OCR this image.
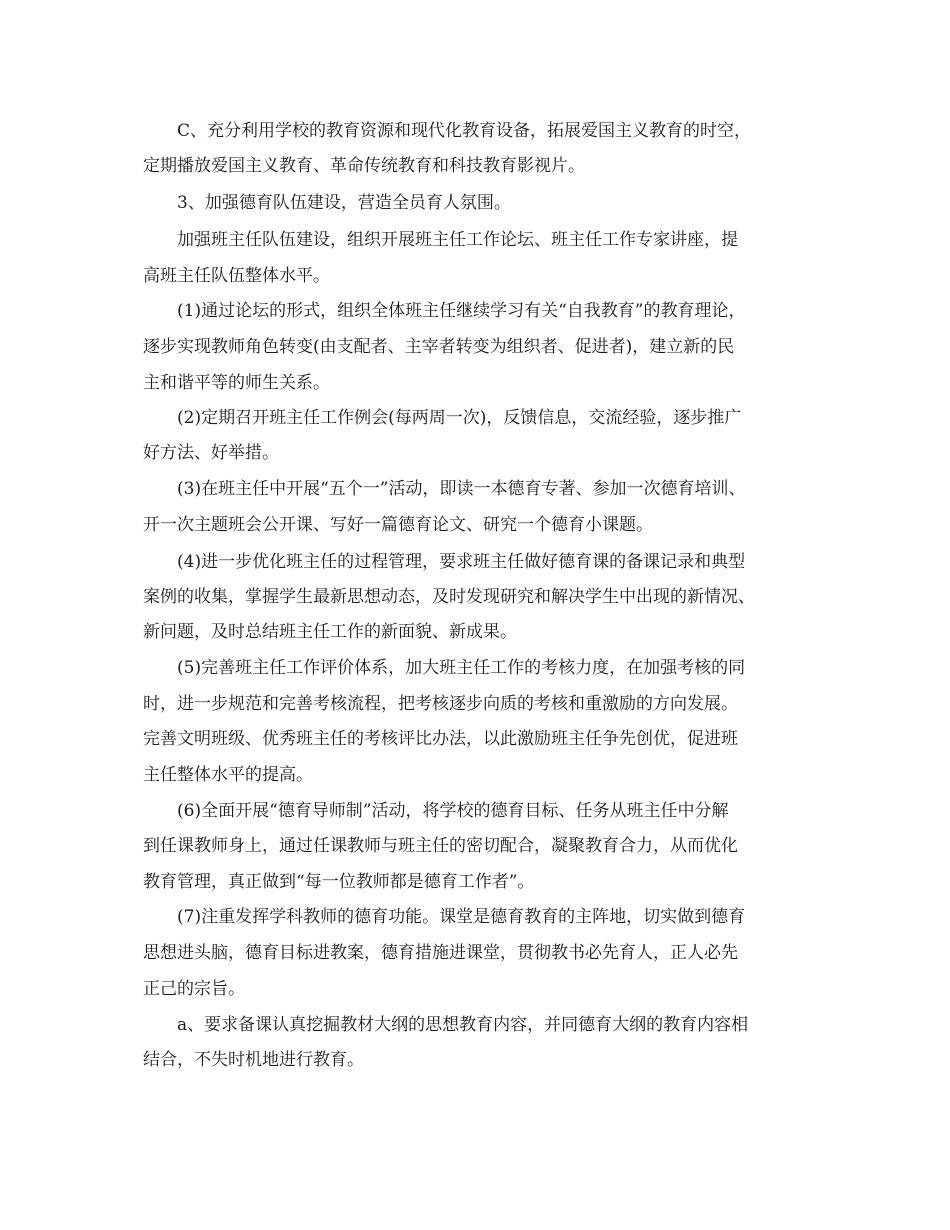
C、充分利用学校的教育资源和现代化教育设备，拓展爱国主义教育的时空，
定期播放爱国主义教育、革命传统教育和科技教育影视片。
3、加强德育队伍建设，营造全员育人氛围。
加强班主任队伍建设，组织开展班主任工作论坛、班主任工作专家讲座，提
高班主任队伍整体水平。
(1)通过论坛的形式，组织全体班主任继续学习有关“自我教育”的教育理论，
逐步实现教师角色转变(由支配者、主宰者转变为组织者、促进者)，建立新的民
主和谐平等的师生关系。
(2)定期召开班主任工作例会(每两周一次)，反馈信息，交流经验，逐步推广
好方法、好举措。
(3)在班主任中开展“五个一”活动，即读一本德育专著、参加一次德育培训、
开一次主题班会公开课、写好一篇德育论文、研究一个德育小课题。
(4)进一步优化班主任的过程管理，要求班主任做好德育课的备课记录和典型
案例的收集，掌握学生最新思想动态，及时发现研究和解决学生中出现的新情况、
新问题，及时总结班主任工作的新面貌、新成果。
(5)完善班主任工作评价体系，加大班主任工作的考核力度，在加强考核的同
时，进一步规范和完善考核流程，把考核逐步向质的考核和重激励的方向发展。
完善文明班级、优秀班主任的考核评比办法，以此激励班主任争先创优，促进班
主任整体水平的提高。
(6)全面开展“德育导师制”活动，将学校的德育目标、任务从班主任中分解
到任课教师身上，通过任课教师与班主任的密切配合，凝聚教育合力，从而优化
教育管理，真正做到“每一位教师都是德育工作者”。
(7)注重发挥学科教师的德育功能。课堂是德育教育的主阵地，切实做到德育
思想进头脑，德育目标进教案，德育措施进课堂，贯彻教书必先育人，正人必先
正己的宗旨。
a、要求备课认真挖掘教材大纲的思想教育内容，并同德育大纲的教育内容相
结合，不失时机地进行教育。
